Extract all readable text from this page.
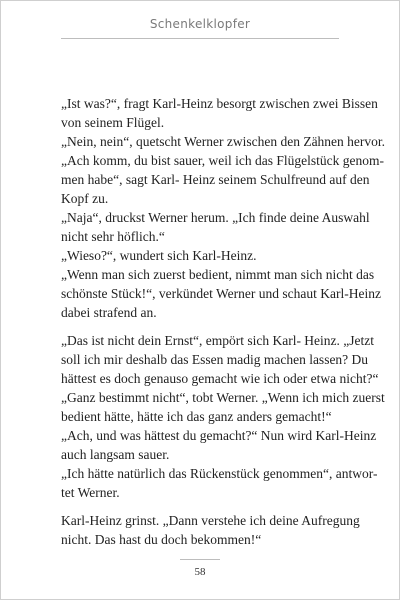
Schenkelklopfer
„Ist was?“, fragt Karl-Heinz besorgt zwischen zwei Bissen
von seinem Flügel.
„Nein, nein“, quetscht Werner zwischen den Zähnen hervor.
„Ach komm, du bist sauer, weil ich das Flügelstück genom-
men habe“, sagt Karl- Heinz seinem Schulfreund auf den
Kopf zu.
„Naja“, druckst Werner herum. „Ich finde deine Auswahl
nicht sehr höflich.“
„Wieso?“, wundert sich Karl-Heinz.
„Wenn man sich zuerst bedient, nimmt man sich nicht das
schönste Stück!“, verkündet Werner und schaut Karl-Heinz
dabei strafend an.
„Das ist nicht dein Ernst“, empört sich Karl- Heinz. „Jetzt
soll ich mir deshalb das Essen madig machen lassen? Du
hättest es doch genauso gemacht wie ich oder etwa nicht?“
„Ganz bestimmt nicht“, tobt Werner. „Wenn ich mich zuerst
bedient hätte, hätte ich das ganz anders gemacht!“
„Ach, und was hättest du gemacht?“ Nun wird Karl-Heinz
auch langsam sauer.
„Ich hätte natürlich das Rückenstück genommen“, antwor-
tet Werner.
Karl-Heinz grinst. „Dann verstehe ich deine Aufregung
nicht. Das hast du doch bekommen!“
58
